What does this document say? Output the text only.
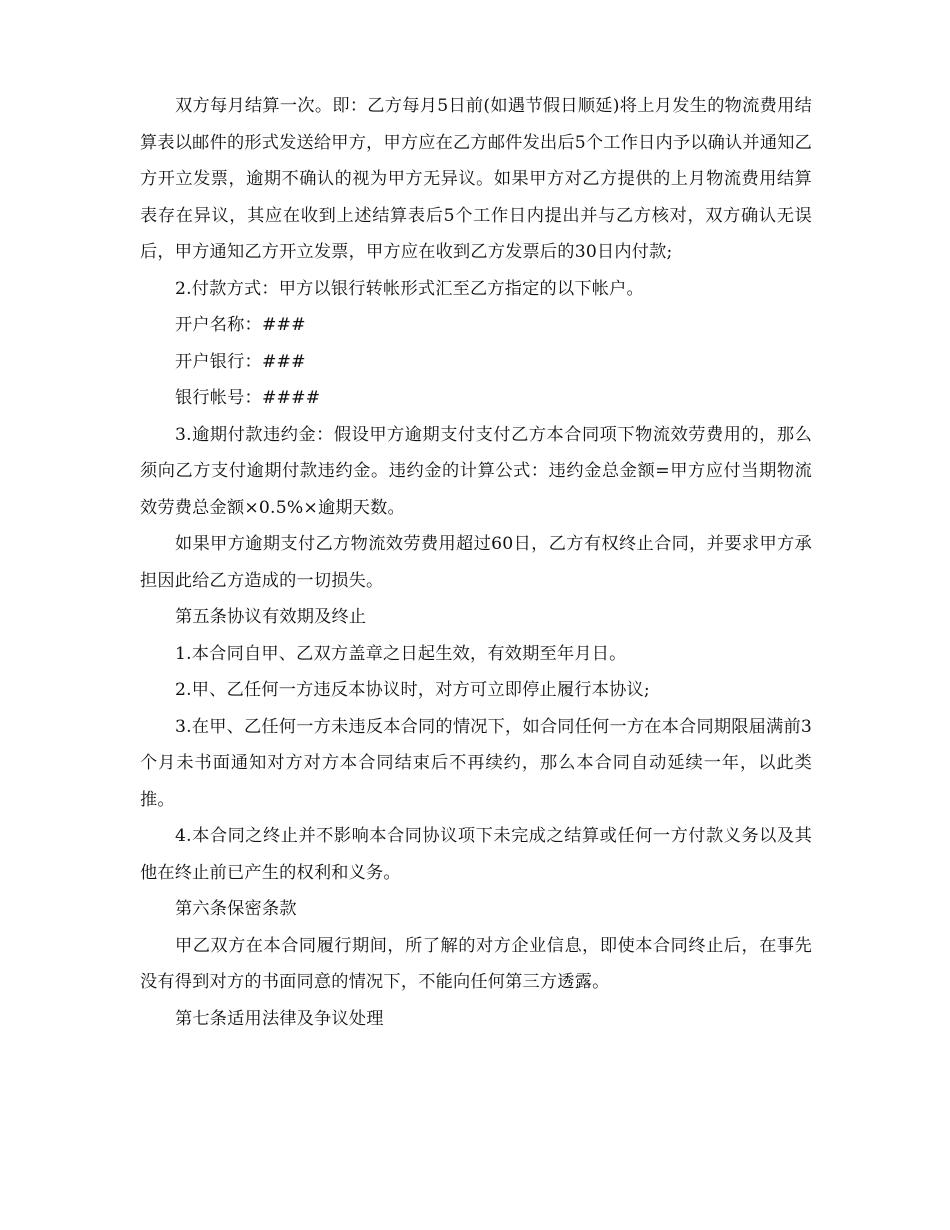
双方每月结算一次。即：乙方每月5日前(如遇节假日顺延)将上月发生的物流费用结算表以邮件的形式发送给甲方，甲方应在乙方邮件发出后5个工作日内予以确认并通知乙方开立发票，逾期不确认的视为甲方无异议。如果甲方对乙方提供的上月物流费用结算表存在异议，其应在收到上述结算表后5个工作日内提出并与乙方核对，双方确认无误后，甲方通知乙方开立发票，甲方应在收到乙方发票后的30日内付款;

2.付款方式：甲方以银行转帐形式汇至乙方指定的以下帐户。

开户名称：###

开户银行：###

银行帐号：####

3.逾期付款违约金：假设甲方逾期支付支付乙方本合同项下物流效劳费用的，那么须向乙方支付逾期付款违约金。违约金的计算公式：违约金总金额=甲方应付当期物流效劳费总金额×0.5%×逾期天数。

如果甲方逾期支付乙方物流效劳费用超过60日，乙方有权终止合同，并要求甲方承担因此给乙方造成的一切损失。

第五条协议有效期及终止

1.本合同自甲、乙双方盖章之日起生效，有效期至年月日。

2.甲、乙任何一方违反本协议时，对方可立即停止履行本协议;

3.在甲、乙任何一方未违反本合同的情况下，如合同任何一方在本合同期限届满前3个月未书面通知对方对方本合同结束后不再续约，那么本合同自动延续一年，以此类推。

4.本合同之终止并不影响本合同协议项下未完成之结算或任何一方付款义务以及其他在终止前已产生的权利和义务。

第六条保密条款

甲乙双方在本合同履行期间，所了解的对方企业信息，即使本合同终止后，在事先没有得到对方的书面同意的情况下，不能向任何第三方透露。

第七条适用法律及争议处理
